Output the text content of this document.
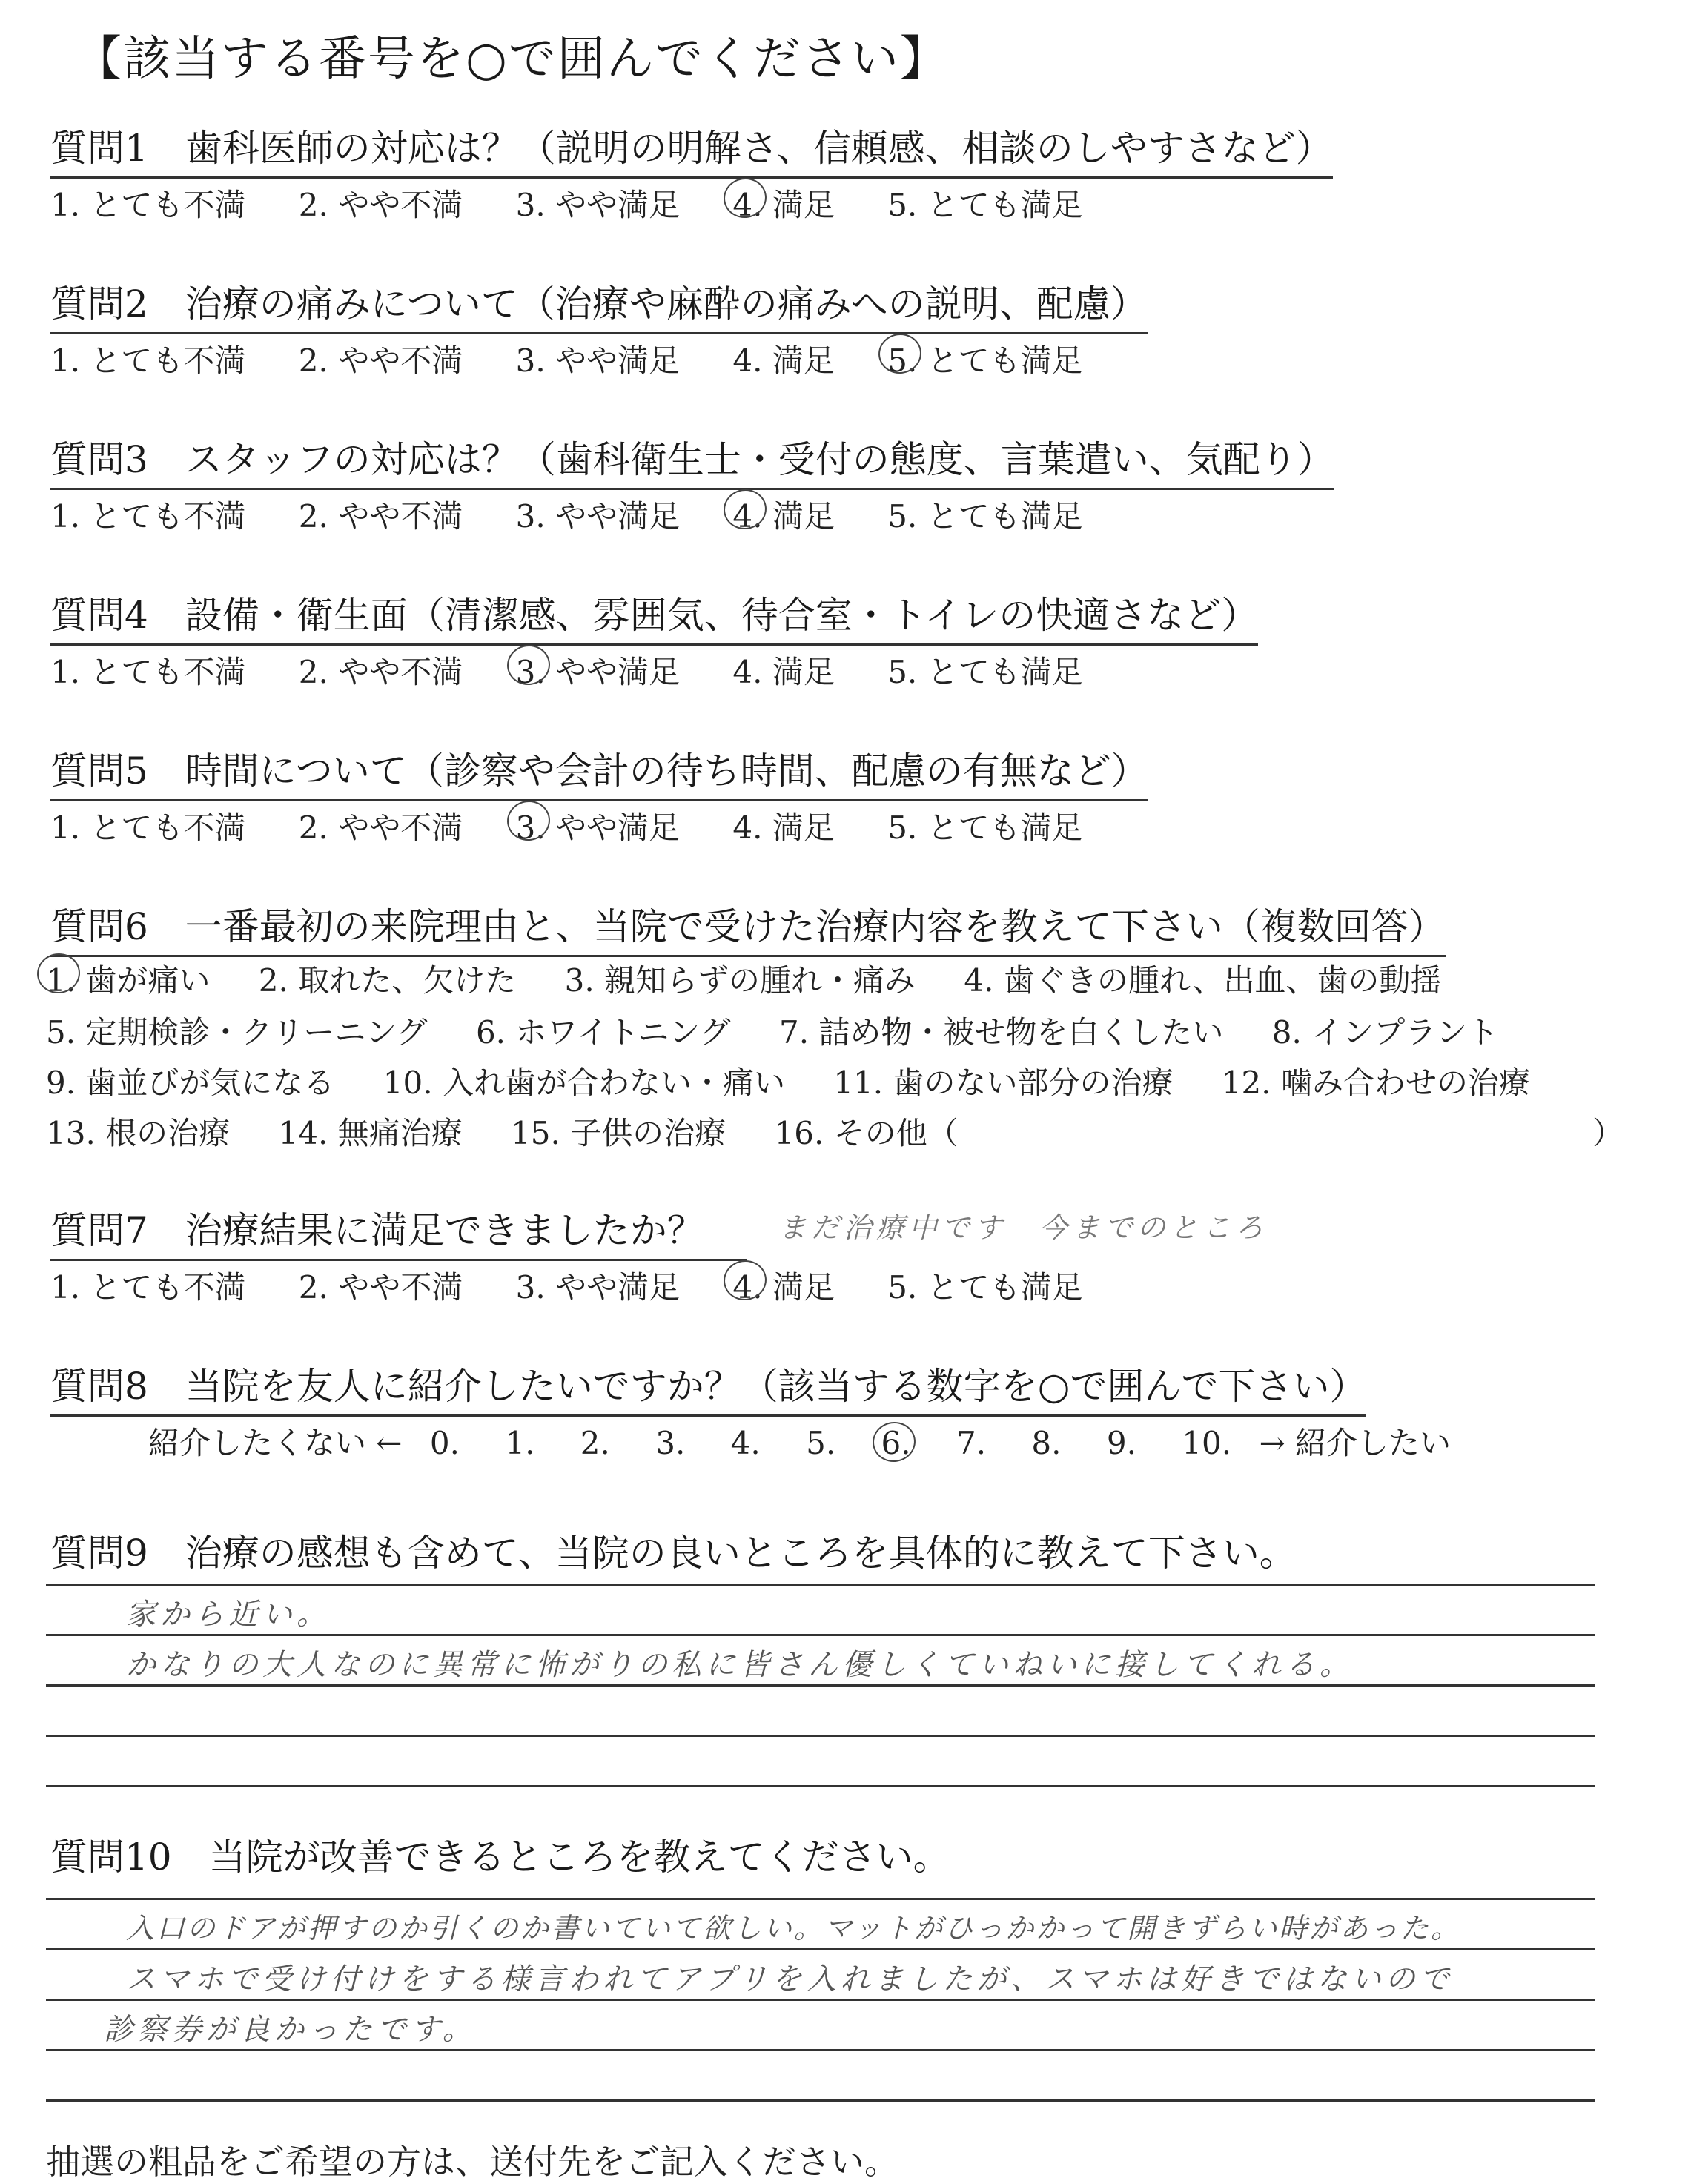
【該当する番号を○で囲んでください】
質問1　歯科医師の対応は？（説明の明解さ、信頼感、相談のしやすさなど）
1. とても不満 2. やや不満 3. やや満足 4. 満足 5. とても満足
質問2　治療の痛みについて（治療や麻酔の痛みへの説明、配慮）
1. とても不満 2. やや不満 3. やや満足 4. 満足 5. とても満足
質問3　スタッフの対応は？（歯科衛生士・受付の態度、言葉遣い、気配り）
1. とても不満 2. やや不満 3. やや満足 4. 満足 5. とても満足
質問4　設備・衛生面（清潔感、雰囲気、待合室・トイレの快適さなど）
1. とても不満 2. やや不満 3. やや満足 4. 満足 5. とても満足
質問5　時間について（診察や会計の待ち時間、配慮の有無など）
1. とても不満 2. やや不満 3. やや満足 4. 満足 5. とても満足
質問6　一番最初の来院理由と、当院で受けた治療内容を教えて下さい（複数回答）
1. 歯が痛い 2. 取れた、欠けた 3. 親知らずの腫れ・痛み 4. 歯ぐきの腫れ、出血、歯の動揺
5. 定期検診・クリーニング 6. ホワイトニング 7. 詰め物・被せ物を白くしたい 8. インプラント
9. 歯並びが気になる 10. 入れ歯が合わない・痛い 11. 歯のない部分の治療 12. 噛み合わせの治療
13. 根の治療 14. 無痛治療 15. 子供の治療 16. その他（	）
質問7　治療結果に満足できましたか？	まだ治療中です　今までのところ
1. とても不満 2. やや不満 3. やや満足 4. 満足 5. とても満足
質問8　当院を友人に紹介したいですか？（該当する数字を○で囲んで下さい）
紹介したくない ← 0. 1. 2. 3. 4. 5. 6. 7. 8. 9. 10. → 紹介したい
質問9　治療の感想も含めて、当院の良いところを具体的に教えて下さい。
家から近い。
かなりの大人なのに異常に怖がりの私に皆さん優しくていねいに接してくれる。
質問10　当院が改善できるところを教えてください。
入口のドアが押すのか引くのか書いていて欲しい。マットがひっかかって開きずらい時があった。
スマホで受け付けをする様言われてアプリを入れましたが、スマホは好きではないので
診察券が良かったです。
抽選の粗品をご希望の方は、送付先をご記入ください。
